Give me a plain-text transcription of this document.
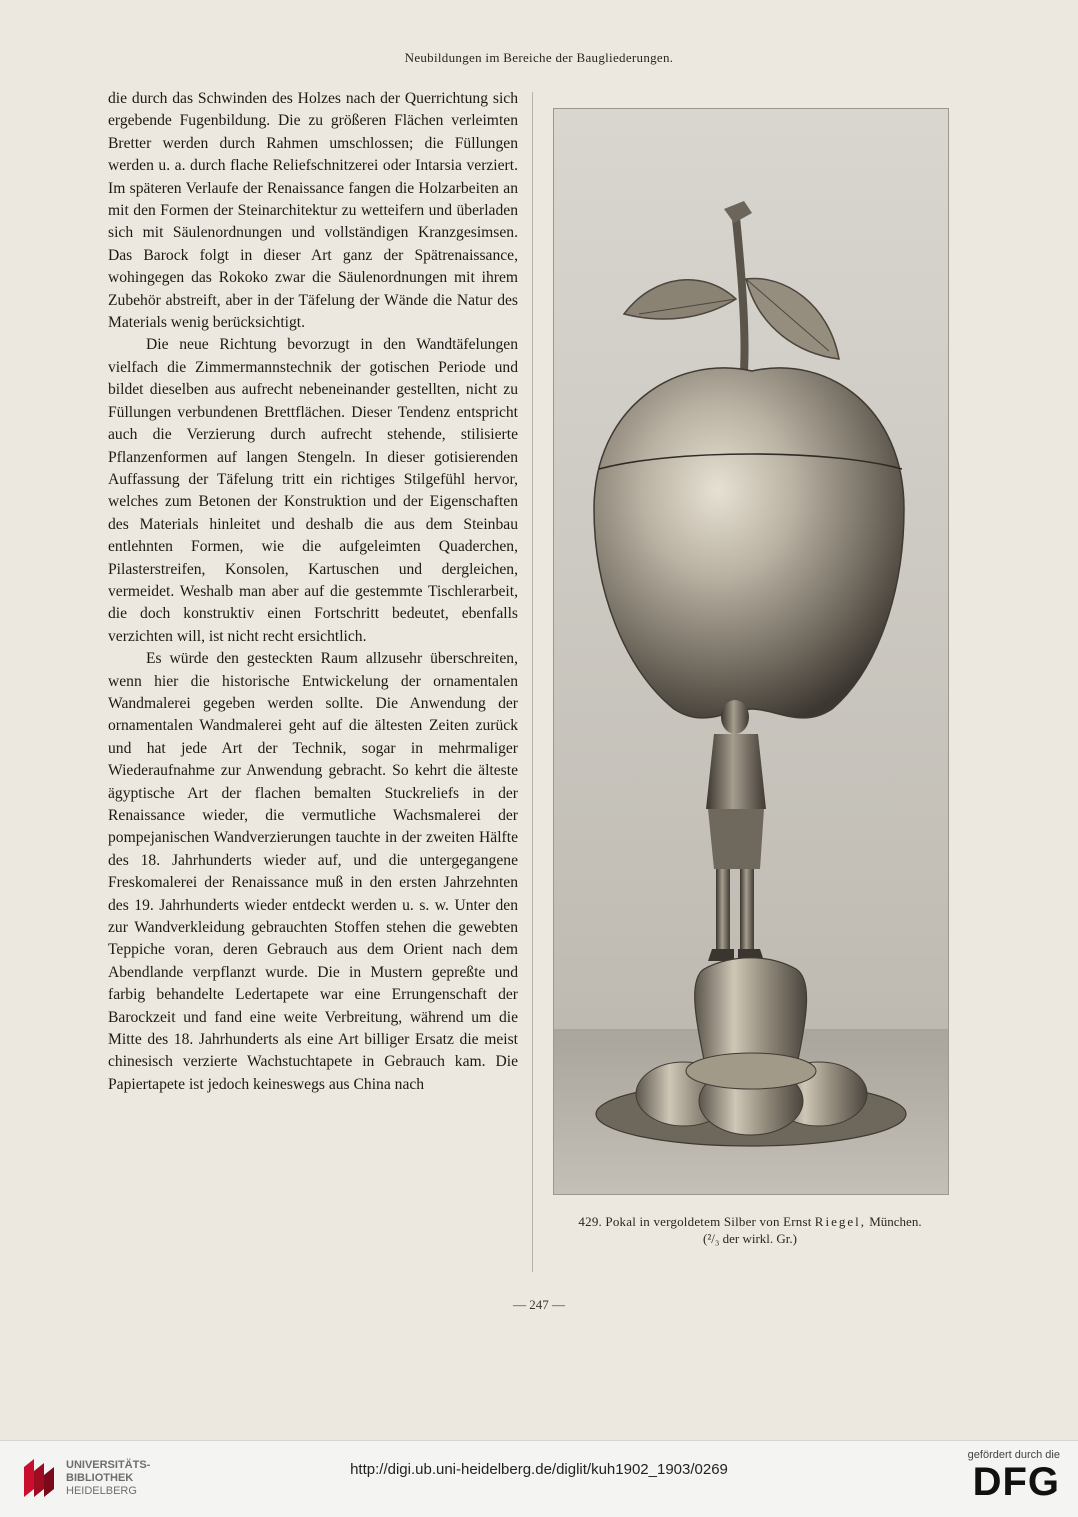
Neubildungen im Bereiche der Baugliederungen.

die durch das Schwinden des Holzes nach der Querrichtung sich ergebende Fugenbildung. Die zu größeren Flächen verleimten Bretter werden durch Rahmen umschlossen; die Füllungen werden u. a. durch flache Reliefschnitzerei oder Intarsia verziert. Im späteren Verlaufe der Renaissance fangen die Holzarbeiten an mit den Formen der Steinarchitektur zu wetteifern und überladen sich mit Säulenordnungen und vollständigen Kranzgesimsen. Das Barock folgt in dieser Art ganz der Spätrenaissance, wohingegen das Rokoko zwar die Säulenordnungen mit ihrem Zubehör abstreift, aber in der Täfelung der Wände die Natur des Materials wenig berücksichtigt.

Die neue Richtung bevorzugt in den Wandtäfelungen vielfach die Zimmermannstechnik der gotischen Periode und bildet dieselben aus aufrecht nebeneinander gestellten, nicht zu Füllungen verbundenen Brettflächen. Dieser Tendenz entspricht auch die Verzierung durch aufrecht stehende, stilisierte Pflanzenformen auf langen Stengeln. In dieser gotisierenden Auffassung der Täfelung tritt ein richtiges Stilgefühl hervor, welches zum Betonen der Konstruktion und der Eigenschaften des Materials hinleitet und deshalb die aus dem Steinbau entlehnten Formen, wie die aufgeleimten Quaderchen, Pilasterstreifen, Konsolen, Kartuschen und dergleichen, vermeidet. Weshalb man aber auf die gestemmte Tischlerarbeit, die doch konstruktiv einen Fortschritt bedeutet, ebenfalls verzichten will, ist nicht recht ersichtlich.

Es würde den gesteckten Raum allzusehr überschreiten, wenn hier die historische Entwickelung der ornamentalen Wandmalerei gegeben werden sollte. Die Anwendung der ornamentalen Wandmalerei geht auf die ältesten Zeiten zurück und hat jede Art der Technik, sogar in mehrmaliger Wiederaufnahme zur Anwendung gebracht. So kehrt die älteste ägyptische Art der flachen bemalten Stuckreliefs in der Renaissance wieder, die vermutliche Wachsmalerei der pompejanischen Wandverzierungen tauchte in der zweiten Hälfte des 18. Jahrhunderts wieder auf, und die untergegangene Freskomalerei der Renaissance muß in den ersten Jahrzehnten des 19. Jahrhunderts wieder entdeckt werden u. s. w. Unter den zur Wandverkleidung gebrauchten Stoffen stehen die gewebten Teppiche voran, deren Gebrauch aus dem Orient nach dem Abendlande verpflanzt wurde. Die in Mustern gepreßte und farbig behandelte Ledertapete war eine Errungenschaft der Barockzeit und fand eine weite Verbreitung, während um die Mitte des 18. Jahrhunderts als eine Art billiger Ersatz die meist chinesisch verzierte Wachstuchtapete in Gebrauch kam. Die Papiertapete ist jedoch keineswegs aus China nach

429. Pokal in vergoldetem Silber von Ernst Riegel, München.
(²/₃ der wirkl. Gr.)
— 247 —
UNIVERSITÄTS-
BIBLIOTHEK
HEIDELBERG
http://digi.ub.uni-heidelberg.de/diglit/kuh1902_1903/0269
gefördert durch die
DFG
